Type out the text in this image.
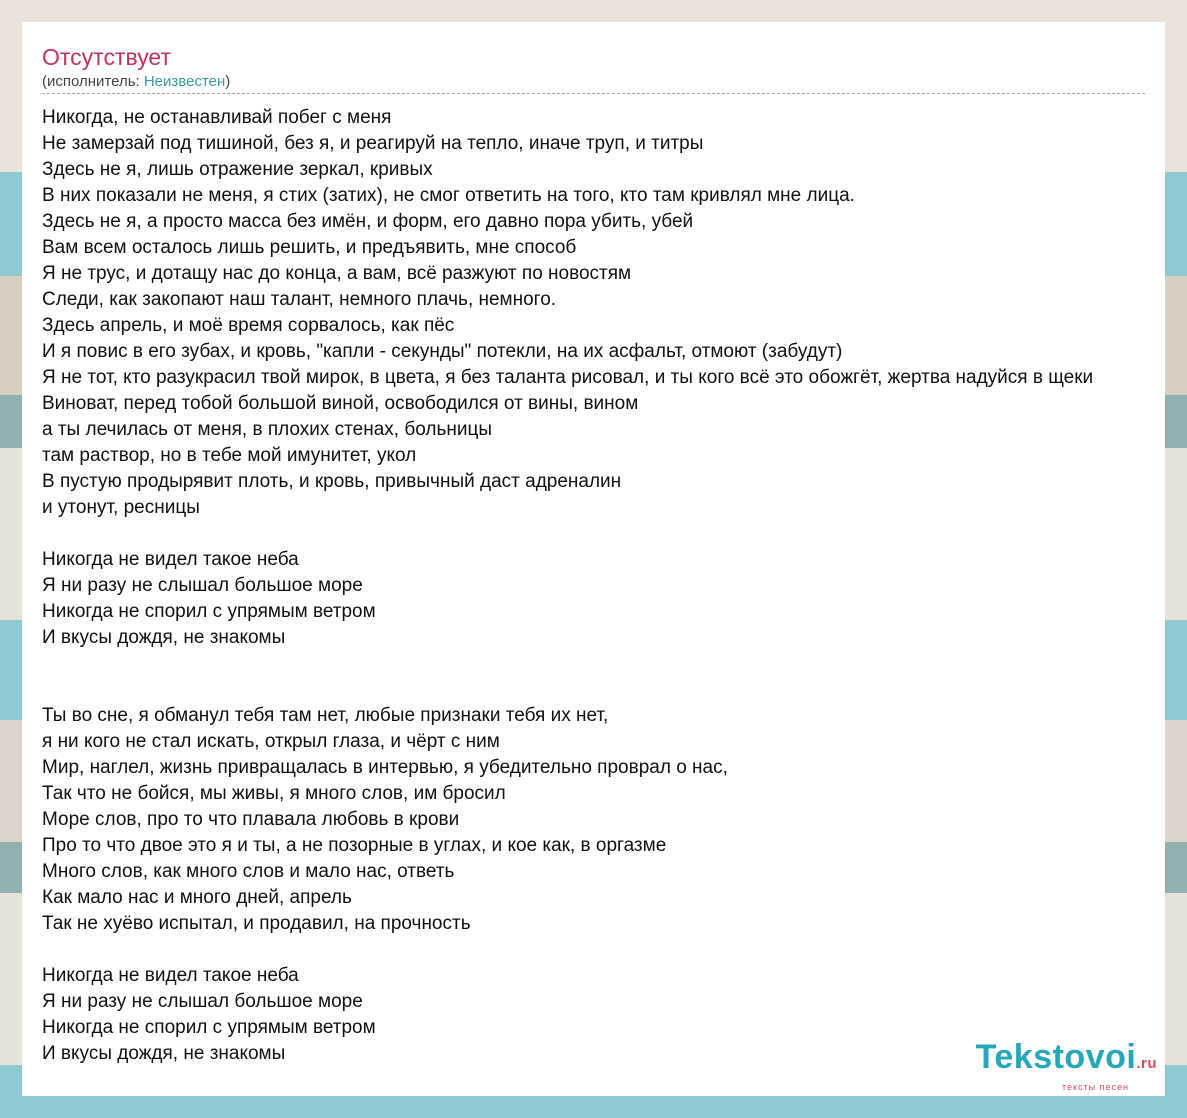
Отсутствует
(исполнитель: Неизвестен)
Никогда, не останавливай побег с меня
Не замерзай под тишиной, без я, и реагируй на тепло, иначе труп, и титры
Здесь не я, лишь отражение зеркал, кривых
В них показали не меня, я стих (затих), не смог ответить на того, кто там кривлял мне лица.
Здесь не я, а просто масса без имён, и форм, его давно пора убить, убей
Вам всем осталось лишь решить, и предъявить, мне способ
Я не трус, и дотащу нас до конца, а вам, всё разжуют по новостям
Следи, как закопают наш талант, немного плачь, немного.
Здесь апрель, и моё время сорвалось, как пёс
И я повис в его зубах, и кровь, "капли - секунды" потекли, на их асфальт, отмоют (забудут)
Я не тот, кто разукрасил твой мирок, в цвета, я без таланта рисовал, и ты кого всё это обожгёт, жертва надуйся в щеки
Виноват, перед тобой большой виной, освободился от вины, вином
а ты лечилась от меня, в плохих стенах, больницы
там раствор, но в тебе мой имунитет, укол
В пустую продырявит плоть, и кровь, привычный даст адреналин
и утонут, ресницы
Никогда не видел такое неба
Я ни разу не слышал большое море
Никогда не спорил с упрямым ветром
И вкусы дождя, не знакомы
Ты во сне, я обманул тебя там нет, любые признаки тебя их нет,
я ни кого не стал искать, открыл глаза, и чёрт с ним
Мир, наглел, жизнь привращалась в интервью, я убедительно проврал о нас,
Так что не бойся, мы живы, я много слов, им бросил
Море слов, про то что плавала любовь в крови
Про то что двое это я и ты, а не позорные в углах, и кое как, в оргазме
Много слов, как много слов и мало нас, ответь
Как мало нас и много дней, апрель
Так не хуёво испытал, и продавил, на прочность
Никогда не видел такое неба
Я ни разу не слышал большое море
Никогда не спорил с упрямым ветром
И вкусы дождя, не знакомы	Tekstovoi.ru
тексты песен
